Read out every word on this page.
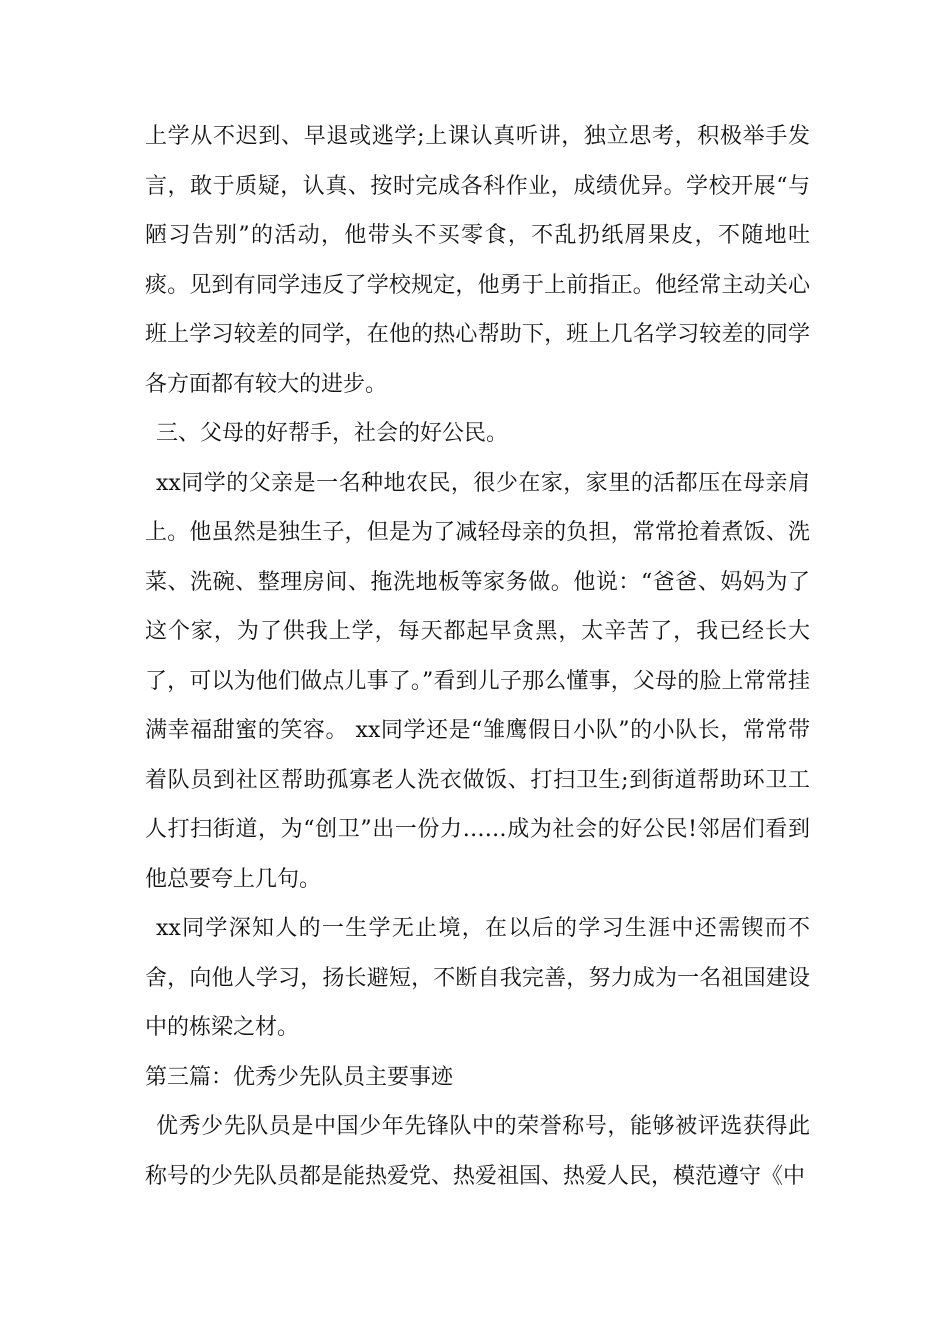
上学从不迟到、早退或逃学;上课认真听讲，独立思考，积极举手发言，敢于质疑，认真、按时完成各科作业，成绩优异。学校开展“与陋习告别”的活动，他带头不买零食，不乱扔纸屑果皮，不随地吐痰。见到有同学违反了学校规定，他勇于上前指正。他经常主动关心班上学习较差的同学，在他的热心帮助下，班上几名学习较差的同学各方面都有较大的进步。

三、父母的好帮手，社会的好公民。

xx同学的父亲是一名种地农民，很少在家，家里的活都压在母亲肩上。他虽然是独生子，但是为了减轻母亲的负担，常常抢着煮饭、洗菜、洗碗、整理房间、拖洗地板等家务做。他说：“爸爸、妈妈为了这个家，为了供我上学，每天都起早贪黑，太辛苦了，我已经长大了，可以为他们做点儿事了。”看到儿子那么懂事，父母的脸上常常挂满幸福甜蜜的笑容。 xx同学还是“雏鹰假日小队”的小队长，常常带着队员到社区帮助孤寡老人洗衣做饭、打扫卫生;到街道帮助环卫工人打扫街道，为“创卫”出一份力……成为社会的好公民!邻居们看到他总要夸上几句。

xx同学深知人的一生学无止境，在以后的学习生涯中还需锲而不舍，向他人学习，扬长避短，不断自我完善，努力成为一名祖国建设中的栋梁之材。

第三篇：优秀少先队员主要事迹

优秀少先队员是中国少年先锋队中的荣誉称号，能够被评选获得此称号的少先队员都是能热爱党、热爱祖国、热爱人民，模范遵守《中
